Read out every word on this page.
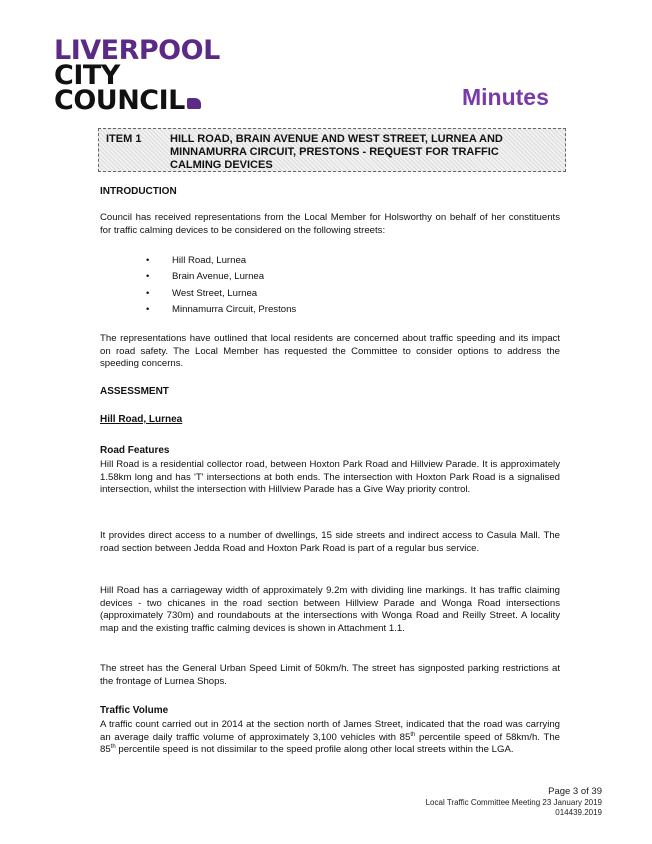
LIVERPOOL
CITY
COUNCIL	Minutes
ITEM 1	HILL ROAD, BRAIN AVENUE AND WEST STREET, LURNEA AND MINNAMURRA CIRCUIT, PRESTONS - REQUEST FOR TRAFFIC CALMING DEVICES

INTRODUCTION

Council has received representations from the Local Member for Holsworthy on behalf of her constituents for traffic calming devices to be considered on the following streets:

• Hill Road, Lurnea
• Brain Avenue, Lurnea
• West Street, Lurnea
• Minnamurra Circuit, Prestons

The representations have outlined that local residents are concerned about traffic speeding and its impact on road safety. The Local Member has requested the Committee to consider options to address the speeding concerns.

ASSESSMENT

Hill Road, Lurnea

Road Features

Hill Road is a residential collector road, between Hoxton Park Road and Hillview Parade. It is approximately 1.58km long and has 'T' intersections at both ends. The intersection with Hoxton Park Road is a signalised intersection, whilst the intersection with Hillview Parade has a Give Way priority control.

It provides direct access to a number of dwellings, 15 side streets and indirect access to Casula Mall. The road section between Jedda Road and Hoxton Park Road is part of a regular bus service.

Hill Road has a carriageway width of approximately 9.2m with dividing line markings. It has traffic claiming devices - two chicanes in the road section between Hillview Parade and Wonga Road intersections (approximately 730m) and roundabouts at the intersections with Wonga Road and Reilly Street. A locality map and the existing traffic calming devices is shown in Attachment 1.1.

The street has the General Urban Speed Limit of 50km/h. The street has signposted parking restrictions at the frontage of Lurnea Shops.

Traffic Volume

A traffic count carried out in 2014 at the section north of James Street, indicated that the road was carrying an average daily traffic volume of approximately 3,100 vehicles with 85th percentile speed of 58km/h. The 85th percentile speed is not dissimilar to the speed profile along other local streets within the LGA.

Page 3 of 39
Local Traffic Committee Meeting 23 January 2019
014439.2019
